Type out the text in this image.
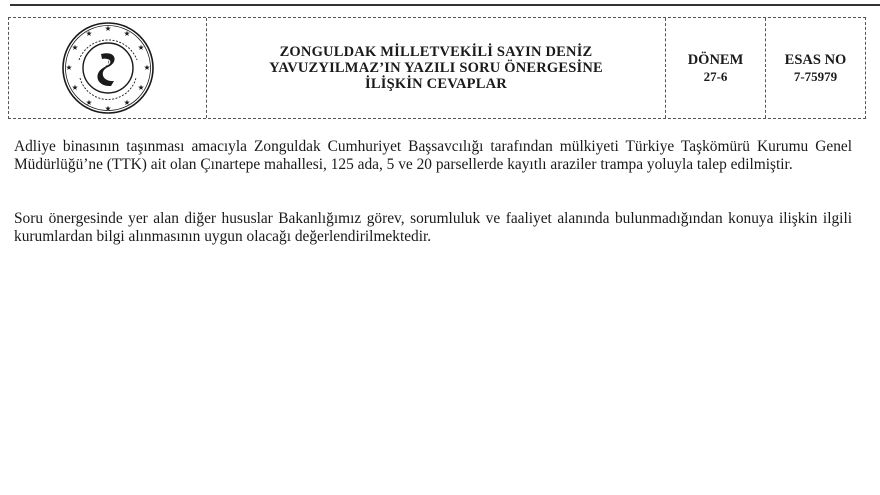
★
★	★
★	★
★	★
★	★
★	★
★
ZONGULDAK MİLLETVEKİLİ SAYIN DENİZ
YAVUZYILMAZ’IN YAZILI SORU ÖNERGESİNE
İLİŞKİN CEVAPLAR
DÖNEM
27-6
ESAS NO
7-75979

Adliye binasının taşınması amacıyla Zonguldak Cumhuriyet Başsavcılığı tarafından mülkiyeti Türkiye Taşkömürü Kurumu Genel Müdürlüğü’ne (TTK) ait olan Çınartepe mahallesi, 125 ada, 5 ve 20 parsellerde kayıtlı araziler trampa yoluyla talep edilmiştir.

Soru önergesinde yer alan diğer hususlar Bakanlığımız görev, sorumluluk ve faaliyet alanında bulunmadığından konuya ilişkin ilgili kurumlardan bilgi alınmasının uygun olacağı değerlendirilmektedir.
